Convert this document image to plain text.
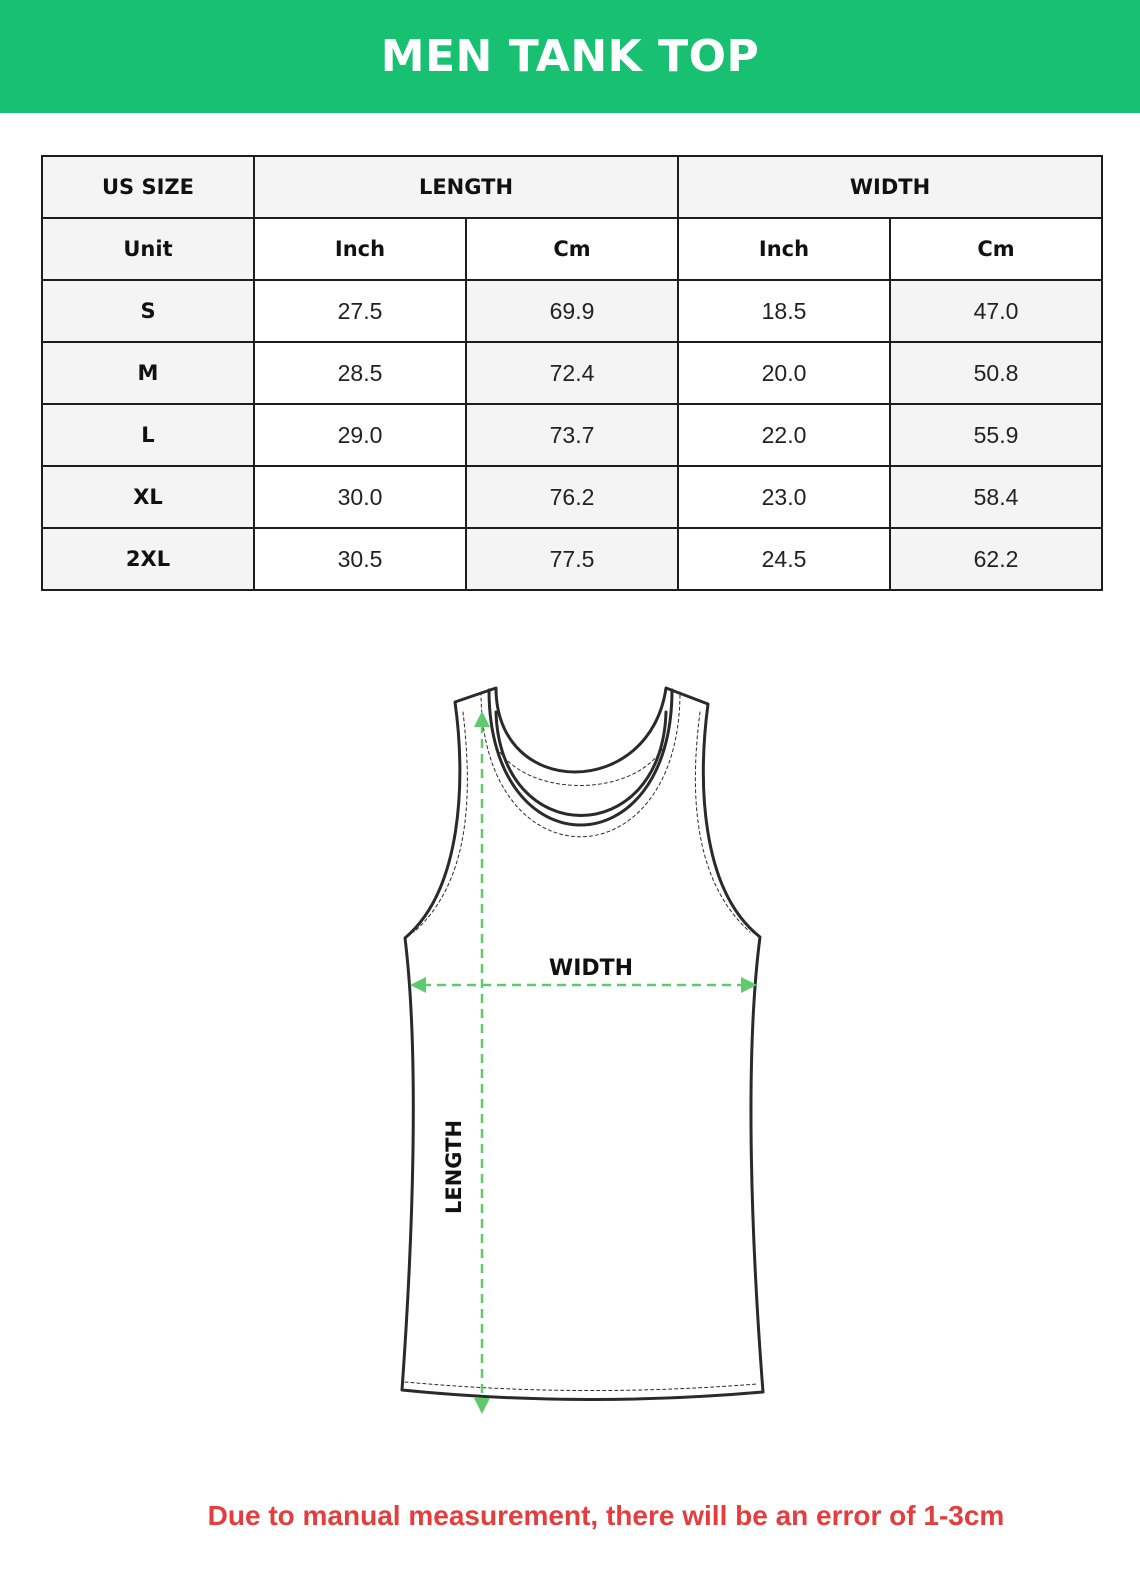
MEN TANK TOP
US SIZE	LENGTH		WIDTH	
Unit	Inch	Cm	Inch	Cm
S	27.5	69.9	18.5	47.0
M	28.5	72.4	20.0	50.8
L	29.0	73.7	22.0	55.9
XL	30.0	76.2	23.0	58.4
2XL	30.5	77.5	24.5	62.2
WIDTH
LENGTH
Due to manual measurement, there will be an error of 1-3cm
